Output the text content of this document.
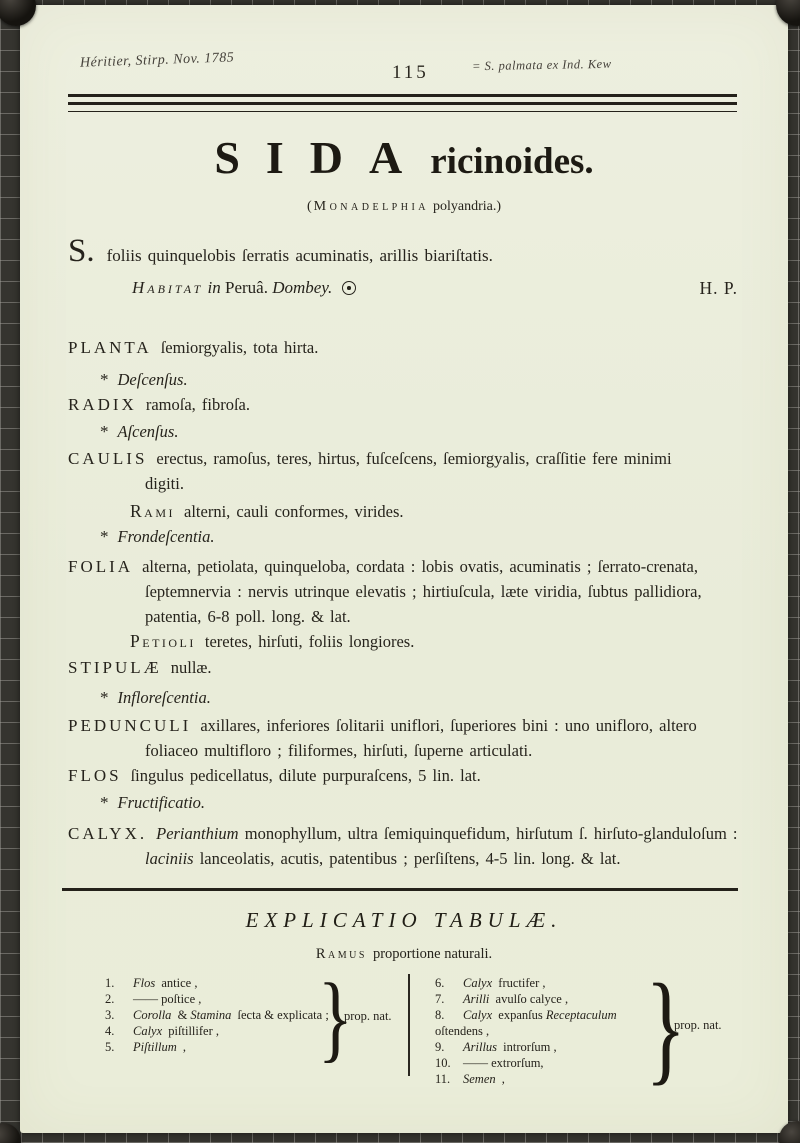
Héritier, Stirp. Nov. 1785
115	= S. palmata ex Ind. Kew
SIDAricinoides.
( Monadelphia polyandria.)
S. foliis quinquelobis ſerratis acuminatis, arillis biariſtatis.
Habitat in Peruâ. Dombey.	H. P.
PLANTA ſemiorgyalis, tota hirta.
* Deſcenſus.
RADIX ramoſa, fibroſa.
* Aſcenſus.
CAULIS erectus, ramoſus, teres, hirtus, fuſceſcens, ſemiorgyalis, craſſitie fere minimi
digiti.
Rami alterni, cauli conformes, virides.
* Frondeſcentia.
FOLIA alterna, petiolata, quinqueloba, cordata : lobis ovatis, acuminatis ; ſerrato-crenata,
ſeptemnervia : nervis utrinque elevatis ; hirtiuſcula, læte viridia, ſubtus pallidiora,
patentia, 6-8 poll. long. & lat.
Petioli teretes, hirſuti, foliis longiores.
STIPULÆ nullæ.
* Infloreſcentia.
PEDUNCULI axillares, inferiores ſolitarii uniflori, ſuperiores bini : uno unifloro, altero
foliaceo multifloro ; filiformes, hirſuti, ſuperne articulati.
FLOS ſingulus pedicellatus, dilute purpuraſcens, 5 lin. lat.
* Fructificatio.
CALYX. Perianthium monophyllum, ultra ſemiquinquefidum, hirſutum ſ. hirſuto-glanduloſum :
laciniis lanceolatis, acutis, patentibus ; perſiſtens, 4-5 lin. long. & lat.
EXPLICATIO TABULÆ.
Ramus proportione naturali.
1. Flos antice ,
2. —— poſtice ,
3. Corolla & Stamina ſecta & explicata ;
4. Calyx piſtillifer ,
5. Piſtillum ,
6. Calyx fructifer ,
7. Arilli avulſo calyce ,
8. Calyx expanſus Receptaculum oſtendens ,
9. Arillus introrſum ,
10. —— extrorſum,
11. Semen ,
}
prop. nat. }
prop. nat.
